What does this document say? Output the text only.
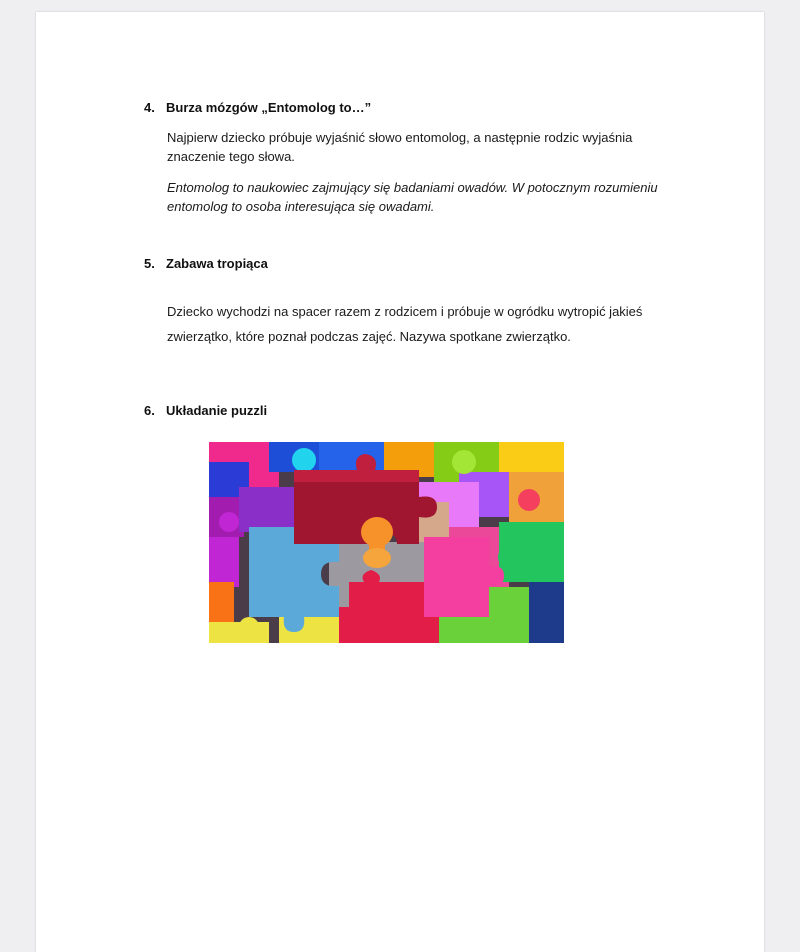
4. Burza mózgów „Entomolog to…”

Najpierw dziecko próbuje wyjaśnić słowo entomolog, a następnie rodzic wyjaśnia znaczenie tego słowa.

Entomolog to naukowiec zajmujący się badaniami owadów. W potocznym rozumieniu entomolog to osoba interesująca się owadami.

5. Zabawa tropiąca

Dziecko wychodzi na spacer razem z rodzicem i próbuje w ogródku wytropić jakieś zwierzątko, które poznał podczas zajęć. Nazywa spotkane zwierzątko.

6. Układanie puzzli
